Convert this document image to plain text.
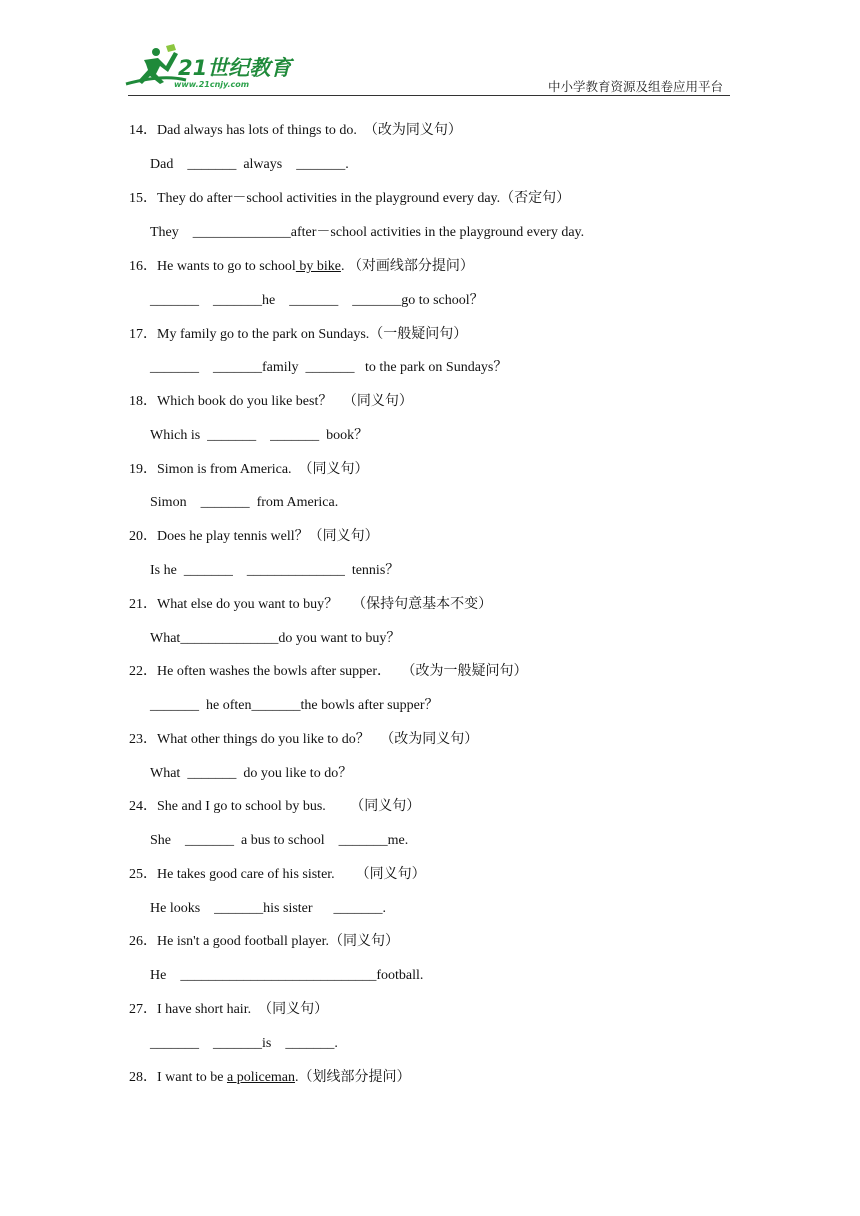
21世纪教育
www.21cnjy.com	中小学教育资源及组卷应用平台
14．Dad always has lots of things to do.  （改为同义句）
Dad    _______  always    _______.
15．They do after－school activities in the playground every day.（否定句）
They    ______________after－school activities in the playground every day.
16．He wants to go to school by bike. （对画线部分提问）
_______    _______he    _______    _______go to school？
17．My family go to the park on Sundays.（一般疑问句）
_______    _______family  _______   to the park on Sundays？
18．Which book do you like best？   （同义句）
Which is  _______    _______  book？
19．Simon is from America.  （同义句）
Simon    _______  from America.
20．Does he play tennis well？（同义句）
Is he  _______    ______________  tennis？
21．What else do you want to buy？    （保持句意基本不变）
What______________do you want to buy？
22．He often washes the bowls after supper．   （改为一般疑问句）
_______  he often_______the bowls after supper？
23．What other things do you like to do？   （改为同义句）
What  _______  do you like to do？
24．She and I go to school by bus.       （同义句）
She    _______  a bus to school    _______me.
25．He takes good care of his sister.      （同义句）
He looks    _______his sister      _______.
26．He isn't a good football player.（同义句）
He    ____________________________football.
27．I have short hair.  （同义句）
_______    _______is    _______.
28．I want to be a policeman.（划线部分提问）
